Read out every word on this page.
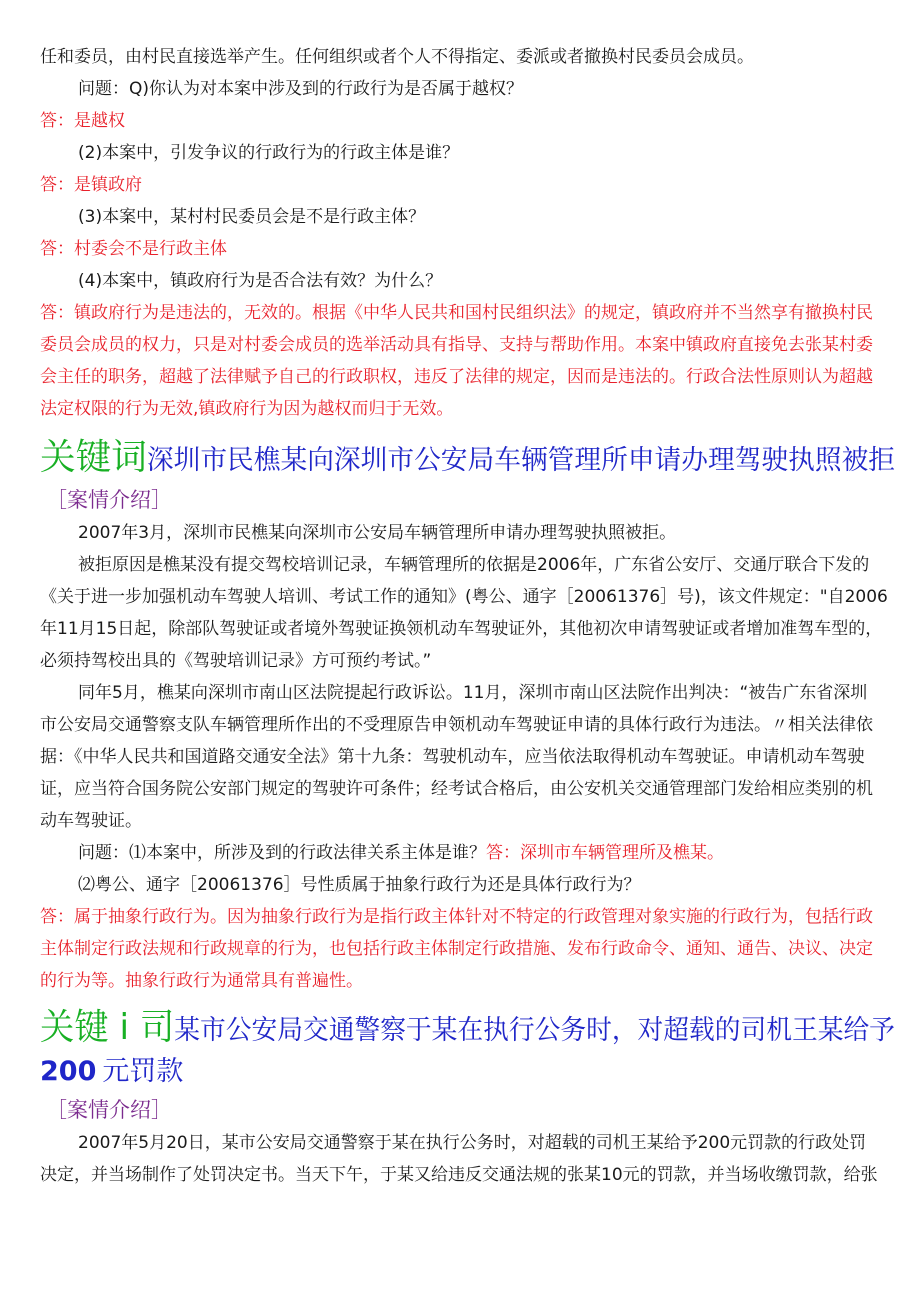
任和委员，由村民直接选举产生。任何组织或者个人不得指定、委派或者撤换村民委员会成员。
问题：Q)你认为对本案中涉及到的行政行为是否属于越权？
答：是越权
(2)本案中，引发争议的行政行为的行政主体是谁？
答：是镇政府
(3)本案中，某村村民委员会是不是行政主体？
答：村委会不是行政主体
(4)本案中，镇政府行为是否合法有效？为什么？
答：镇政府行为是违法的，无效的。根据《中华人民共和国村民组织法》的规定，镇政府并不当然享有撤换村民
委员会成员的权力，只是对村委会成员的选举活动具有指导、支持与帮助作用。本案中镇政府直接免去张某村委
会主任的职务，超越了法律赋予自己的行政职权，违反了法律的规定，因而是违法的。行政合法性原则认为超越
法定权限的行为无效,镇政府行为因为越权而归于无效。
关键词深圳市民樵某向深圳市公安局车辆管理所申请办理驾驶执照被拒
［案情介绍］
2007年3月，深圳市民樵某向深圳市公安局车辆管理所申请办理驾驶执照被拒。
被拒原因是樵某没有提交驾校培训记录，车辆管理所的依据是2006年，广东省公安厅、交通厅联合下发的
《关于进一步加强机动车驾驶人培训、考试工作的通知》(粤公、通字［20061376］号)，该文件规定："自2006
年11月15日起，除部队驾驶证或者境外驾驶证换领机动车驾驶证外，其他初次申请驾驶证或者增加准驾车型的，
必须持驾校出具的《驾驶培训记录》方可预约考试。”
同年5月，樵某向深圳市南山区法院提起行政诉讼。11月，深圳市南山区法院作出判决：“被告广东省深圳
市公安局交通警察支队车辆管理所作出的不受理原告申领机动车驾驶证申请的具体行政行为违法。〃相关法律依
据：《中华人民共和国道路交通安全法》第十九条：驾驶机动车，应当依法取得机动车驾驶证。申请机动车驾驶
证，应当符合国务院公安部门规定的驾驶许可条件；经考试合格后，由公安机关交通管理部门发给相应类别的机
动车驾驶证。
问题：⑴本案中，所涉及到的行政法律关系主体是谁？答：深圳市车辆管理所及樵某。
⑵粤公、通字［20061376］号性质属于抽象行政行为还是具体行政行为？
答：属于抽象行政行为。因为抽象行政行为是指行政主体针对不特定的行政管理对象实施的行政行为，包括行政
主体制定行政法规和行政规章的行为，也包括行政主体制定行政措施、发布行政命令、通知、通告、决议、决定
的行为等。抽象行政行为通常具有普遍性。
关键 i 司某市公安局交通警察于某在执行公务时，对超载的司机王某给予
200 元罚款
［案情介绍］
2007年5月20日，某市公安局交通警察于某在执行公务时，对超载的司机王某给予200元罚款的行政处罚
决定，并当场制作了处罚决定书。当天下午，于某又给违反交通法规的张某10元的罚款，并当场收缴罚款，给张
